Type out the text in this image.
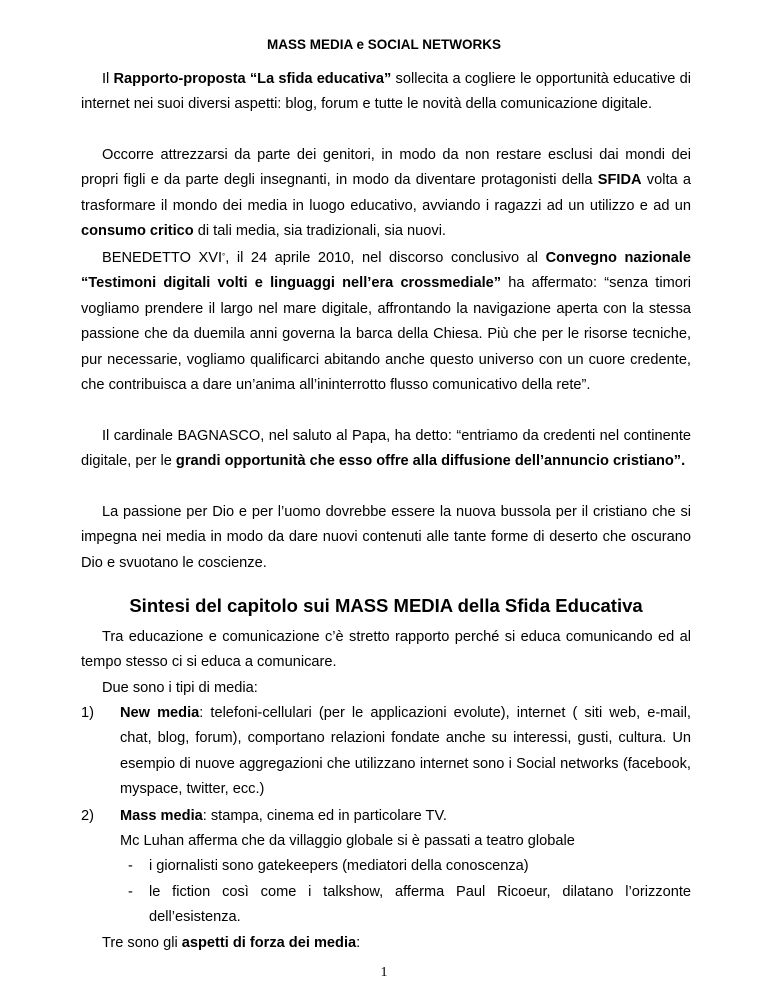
MASS MEDIA e SOCIAL NETWORKS

Il Rapporto-proposta “La sfida educativa” sollecita a cogliere le opportunità educative di internet nei suoi diversi aspetti: blog, forum e tutte le novità della comunicazione digitale.

Occorre attrezzarsi da parte dei genitori, in modo da non restare esclusi dai mondi dei propri figli e da parte degli insegnanti, in modo da diventare protagonisti della SFIDA volta a trasformare il mondo dei media in luogo educativo, avviando i ragazzi ad un utilizzo e ad un consumo critico di tali media, sia tradizionali, sia nuovi.

BENEDETTO XVI°, il 24 aprile 2010, nel discorso conclusivo al Convegno nazionale “Testimoni digitali volti e linguaggi nell’era crossmediale” ha affermato: “senza timori vogliamo prendere il largo nel mare digitale, affrontando la navigazione aperta con la stessa passione che da duemila anni governa la barca della Chiesa. Più che per le risorse tecniche, pur necessarie, vogliamo qualificarci abitando anche questo universo con un cuore credente, che contribuisca a dare un’anima all’ininterrotto flusso comunicativo della rete”.

Il cardinale BAGNASCO, nel saluto al Papa, ha detto: “entriamo da credenti nel continente digitale, per le grandi opportunità che esso offre alla diffusione dell’annuncio cristiano”.

La passione per Dio e per l’uomo dovrebbe essere la nuova bussola per il cristiano che si impegna nei media in modo da dare nuovi contenuti alle tante forme di deserto che oscurano Dio e svuotano le coscienze.

Sintesi del capitolo sui MASS MEDIA della Sfida Educativa

Tra educazione e comunicazione c’è stretto rapporto perché si educa comunicando ed al tempo stesso ci si educa a comunicare.

Due sono i tipi di media:

1)	New media: telefoni-cellulari (per le applicazioni evolute), internet ( siti web, e-mail, chat, blog, forum), comportano relazioni fondate anche su interessi, gusti, cultura. Un esempio di nuove aggregazioni che utilizzano internet sono i Social networks (facebook, myspace, twitter, ecc.)

2)	Mass media: stampa, cinema ed in particolare TV.

Mc Luhan afferma che da villaggio globale si è passati a teatro globale

-	i giornalisti sono gatekeepers (mediatori della conoscenza)

-	le fiction così come i talkshow, afferma Paul Ricoeur, dilatano l’orizzonte dell’esistenza.

Tre sono gli aspetti di forza dei media:

1
